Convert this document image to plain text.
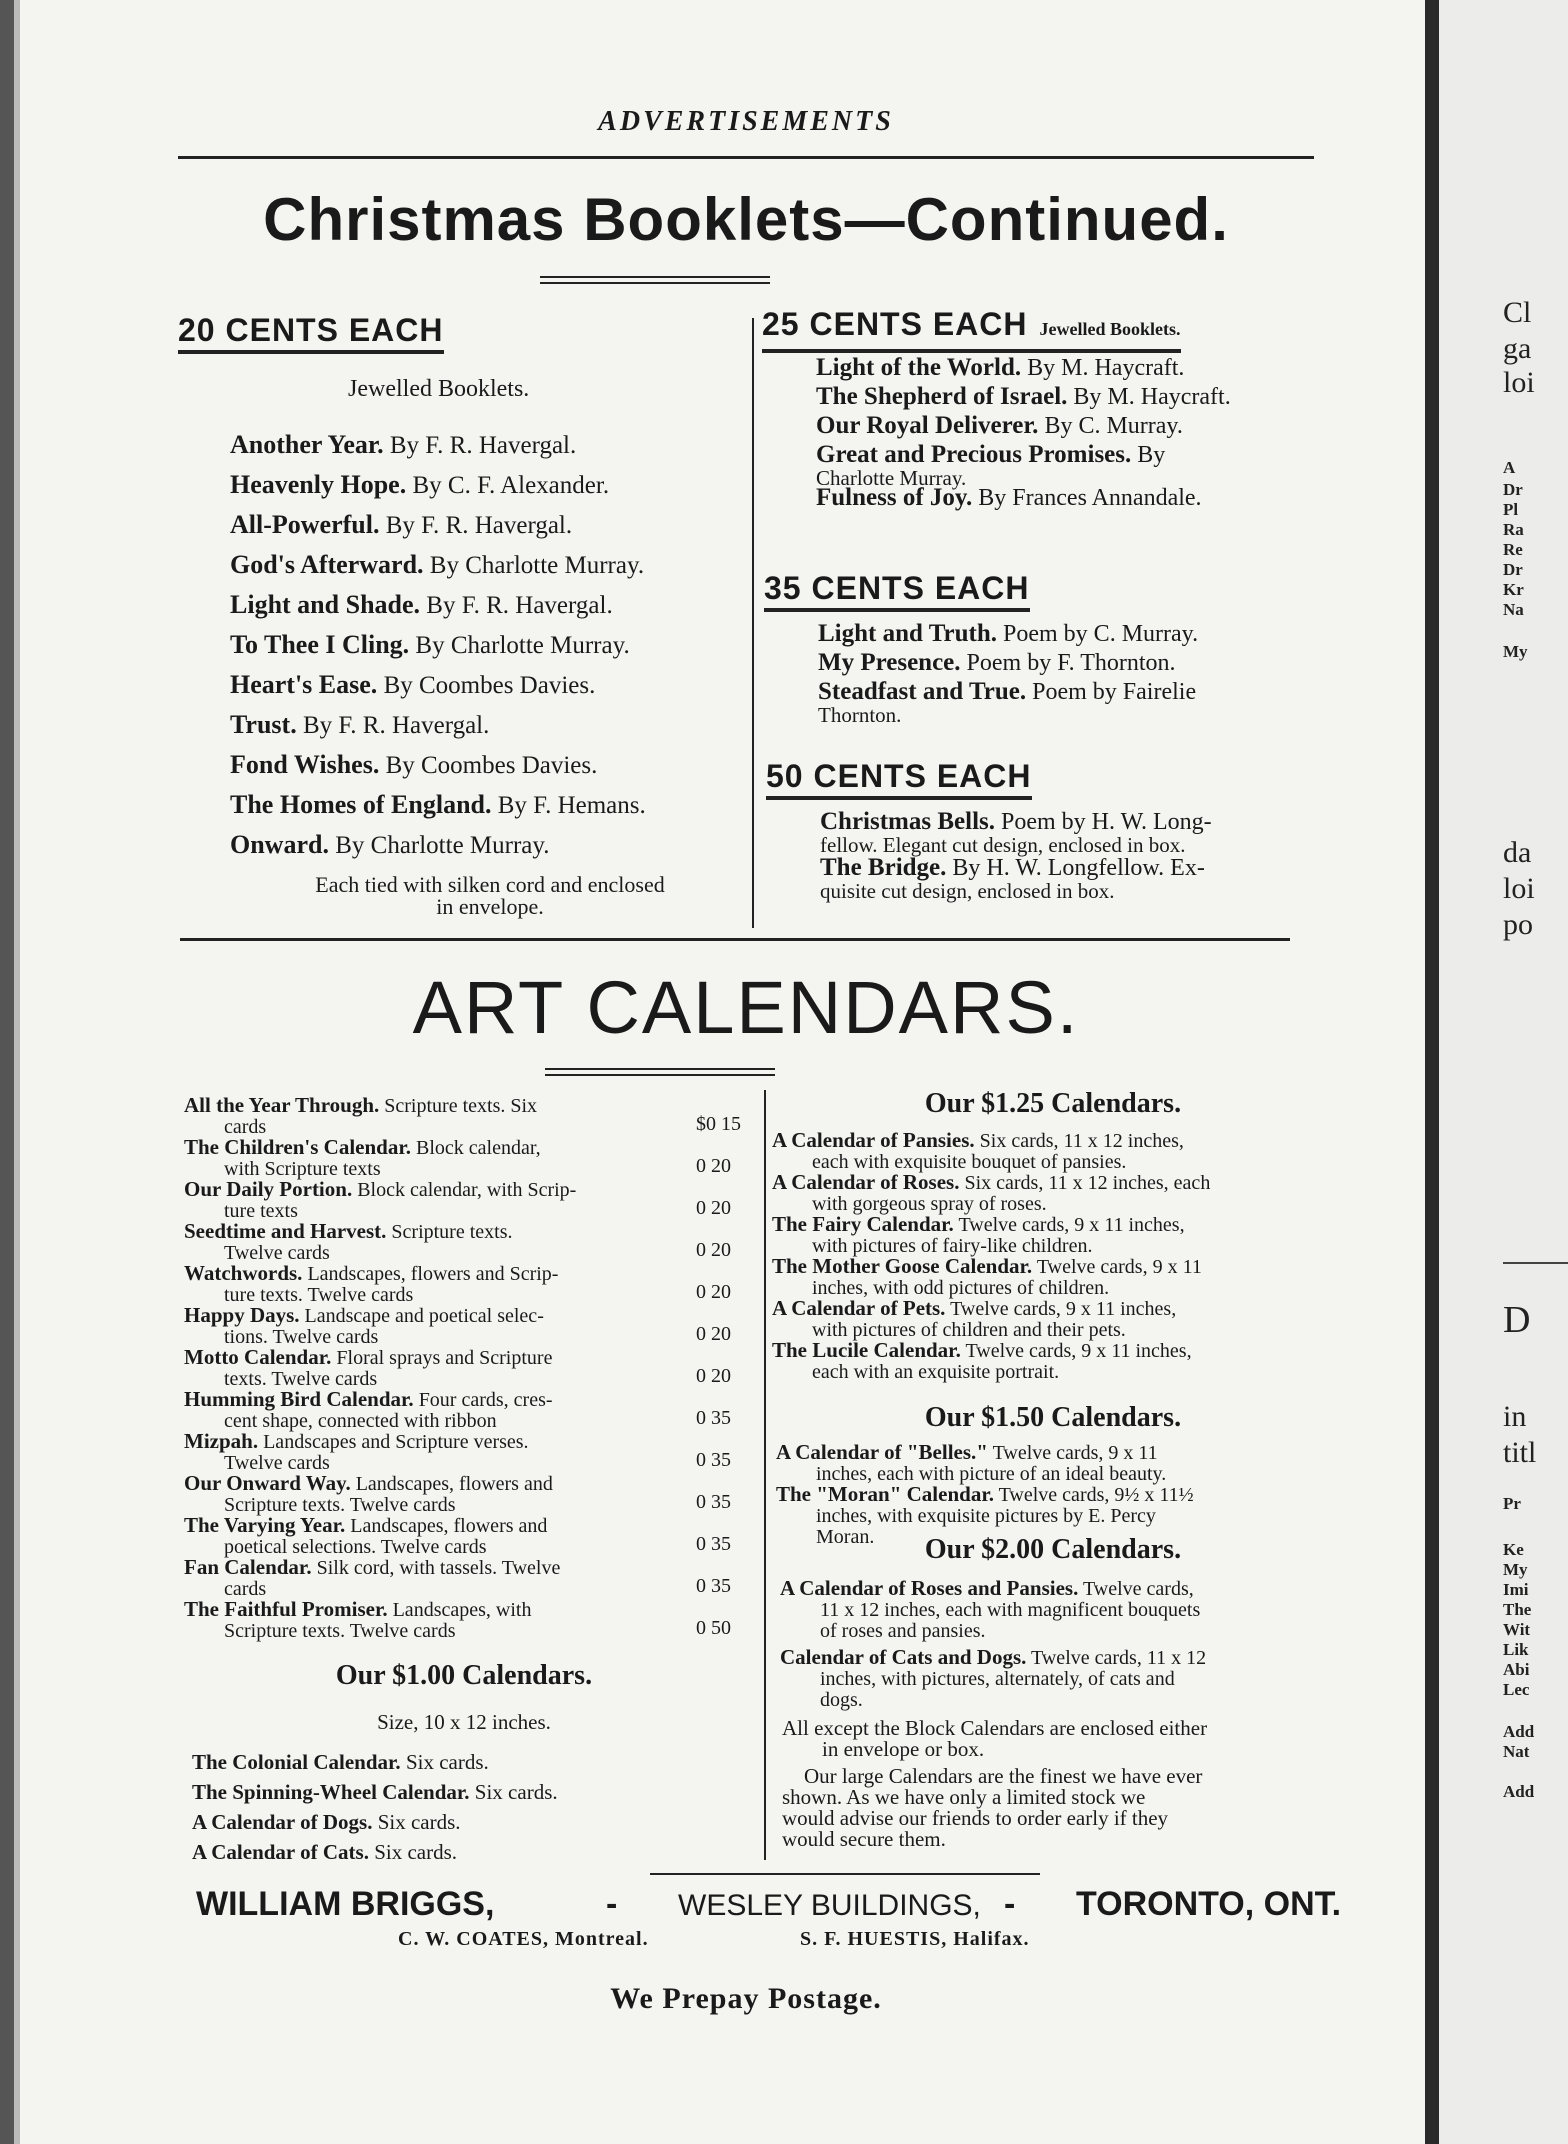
ADVERTISEMENTS
Christmas Booklets—Continued.
20 CENTS EACH
Jewelled Booklets.
Another Year. By F. R. Havergal.
Heavenly Hope. By C. F. Alexander.
All-Powerful. By F. R. Havergal.
God's Afterward. By Charlotte Murray.
Light and Shade. By F. R. Havergal.
To Thee I Cling. By Charlotte Murray.
Heart's Ease. By Coombes Davies.
Trust. By F. R. Havergal.
Fond Wishes. By Coombes Davies.
The Homes of England. By F. Hemans.
Onward. By Charlotte Murray.
Each tied with silken cord and enclosed
in envelope.
25 CENTS EACH Jewelled Booklets.
Light of the World. By M. Haycraft.
The Shepherd of Israel. By M. Haycraft.
Our Royal Deliverer. By C. Murray.
Great and Precious Promises. By
Charlotte Murray.
Fulness of Joy. By Frances Annandale.
35 CENTS EACH
Light and Truth. Poem by C. Murray.
My Presence. Poem by F. Thornton.
Steadfast and True. Poem by Fairelie
Thornton.
50 CENTS EACH
Christmas Bells. Poem by H. W. Long-
fellow. Elegant cut design, enclosed in box.
The Bridge. By H. W. Longfellow. Ex-
quisite cut design, enclosed in box.
ART CALENDARS.
All the Year Through. Scripture texts. Six
cards	$0 15
The Children's Calendar. Block calendar,
with Scripture texts	0 20
Our Daily Portion. Block calendar, with Scrip-
ture texts	0 20
Seedtime and Harvest. Scripture texts.
Twelve cards	0 20
Watchwords. Landscapes, flowers and Scrip-
ture texts. Twelve cards	0 20
Happy Days. Landscape and poetical selec-
tions. Twelve cards	0 20
Motto Calendar. Floral sprays and Scripture
texts. Twelve cards	0 20
Humming Bird Calendar. Four cards, cres-
cent shape, connected with ribbon	0 35
Mizpah. Landscapes and Scripture verses.
Twelve cards	0 35
Our Onward Way. Landscapes, flowers and
Scripture texts. Twelve cards	0 35
The Varying Year. Landscapes, flowers and
poetical selections. Twelve cards	0 35
Fan Calendar. Silk cord, with tassels. Twelve
cards	0 35
The Faithful Promiser. Landscapes, with
Scripture texts. Twelve cards	0 50
Our $1.00 Calendars.
Size, 10 x 12 inches.
The Colonial Calendar. Six cards.
The Spinning-Wheel Calendar. Six cards.
A Calendar of Dogs. Six cards.
A Calendar of Cats. Six cards.
Our $1.25 Calendars.
A Calendar of Pansies. Six cards, 11 x 12 inches,
each with exquisite bouquet of pansies.
A Calendar of Roses. Six cards, 11 x 12 inches, each
with gorgeous spray of roses.
The Fairy Calendar. Twelve cards, 9 x 11 inches,
with pictures of fairy-like children.
The Mother Goose Calendar. Twelve cards, 9 x 11
inches, with odd pictures of children.
A Calendar of Pets. Twelve cards, 9 x 11 inches,
with pictures of children and their pets.
The Lucile Calendar. Twelve cards, 9 x 11 inches,
each with an exquisite portrait.
Our $1.50 Calendars.
A Calendar of "Belles." Twelve cards, 9 x 11
inches, each with picture of an ideal beauty.
The "Moran" Calendar. Twelve cards, 9½ x 11½
inches, with exquisite pictures by E. Percy
Moran.	Our $2.00 Calendars.
A Calendar of Roses and Pansies. Twelve cards,
11 x 12 inches, each with magnificent bouquets
of roses and pansies.
Calendar of Cats and Dogs. Twelve cards, 11 x 12
inches, with pictures, alternately, of cats and
dogs.
All except the Block Calendars are enclosed either
in envelope or box.
Our large Calendars are the finest we have ever
shown. As we have only a limited stock we
would advise our friends to order early if they
would secure them.
WILLIAM BRIGGS,	- WESLEY BUILDINGS, - TORONTO, ONT.
C. W. COATES, Montreal.	S. F. HUESTIS, Halifax.
We Prepay Postage.
Cl
ga
loi
A
Dr
Pl
Ra
Re
Dr
Kr
Na
My
da
loi
po
D
in
titl
Pr
Ke
My
Imi
The
Wit
Lik
Abi
Lec
Add
Nat
Add
